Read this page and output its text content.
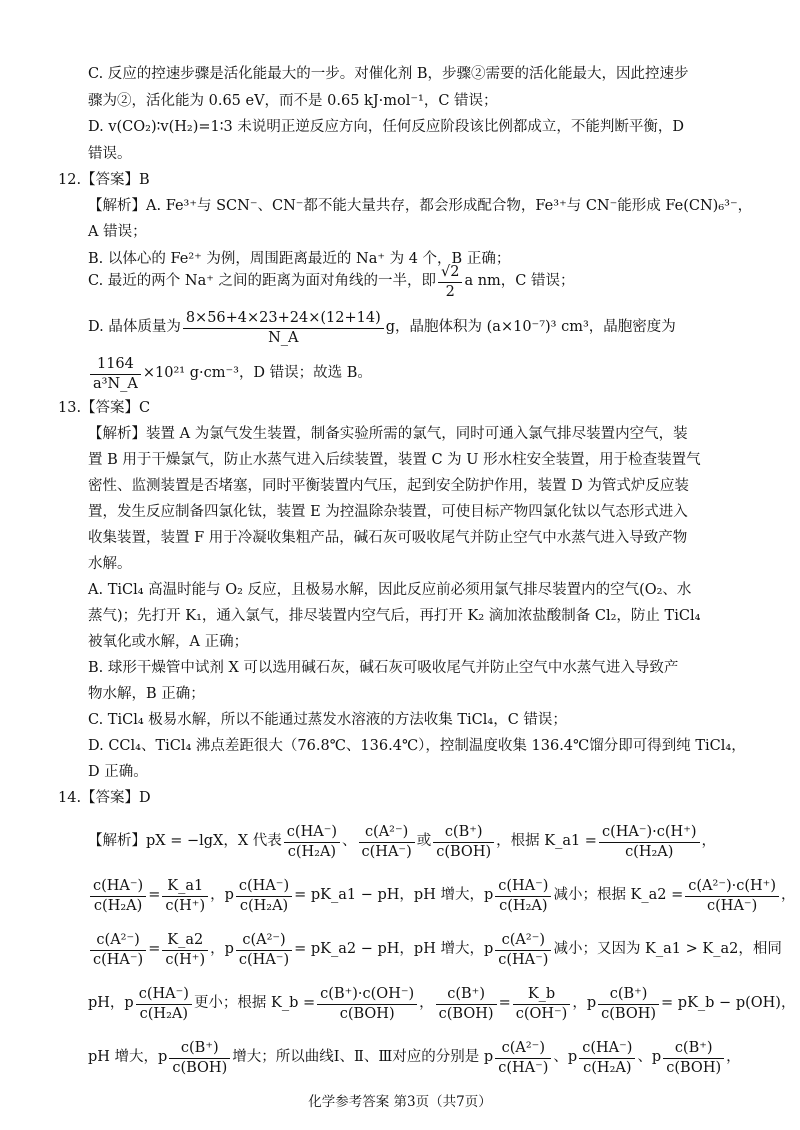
C. 反应的控速步骤是活化能最大的一步。对催化剂 B，步骤②需要的活化能最大，因此控速步
骤为②，活化能为 0.65 eV，而不是 0.65 kJ·mol⁻¹，C 错误；
D. v(CO₂)∶v(H₂)=1∶3 未说明正逆反应方向，任何反应阶段该比例都成立，不能判断平衡，D
错误。
12.【答案】B
【解析】A. Fe³⁺与 SCN⁻、CN⁻都不能大量共存，都会形成配合物，Fe³⁺与 CN⁻能形成 Fe(CN)₆³⁻，
A 错误；
B. 以体心的 Fe²⁺ 为例，周围距离最近的 Na⁺ 为 4 个，B 正确；
C. 最近的两个 Na⁺ 之间的距离为面对角线的一半，即 $\frac{√2}{2}$ a nm，C 错误；
D. 晶体质量为 $\frac{8\times 56+4\times 23+24\times(12+14)}{N\_A}$ g，晶胞体积为 (a×10⁻⁷)³ cm³，晶胞密度为
$\frac{1164}{\text{a³N\_A}} \times 10^{21}$ g·cm⁻³，D 错误；故选 B。
13.【答案】C
【解析】装置 A 为氯气发生装置，制备实验所需的氯气，同时可通入氯气排尽装置内空气，装
置 B 用于干燥氯气，防止水蒸气进入后续装置，装置 C 为 U 形水柱安全装置，用于检查装置气
密性、监测装置是否堵塞，同时平衡装置内气压，起到安全防护作用，装置 D 为管式炉反应装
置，发生反应制备四氯化钛，装置 E 为控温除杂装置，可使目标产物四氯化钛以气态形式进入
收集装置，装置 F 用于冷凝收集粗产品，碱石灰可吸收尾气并防止空气中水蒸气进入导致产物
水解。
A. TiCl₄ 高温时能与 O₂ 反应，且极易水解，因此反应前必须用氯气排尽装置内的空气(O₂、水
蒸气)；先打开 K₁，通入氯气，排尽装置内空气后，再打开 K₂ 滴加浓盐酸制备 Cl₂，防止 TiCl₄
被氧化或水解，A 正确；
B. 球形干燥管中试剂 X 可以选用碱石灰，碱石灰可吸收尾气并防止空气中水蒸气进入导致产
物水解，B 正确；
C. TiCl₄ 极易水解，所以不能通过蒸发水溶液的方法收集 TiCl₄，C 错误；
D. CCl₄、TiCl₄ 沸点差距很大（76.8℃、136.4℃），控制温度收集 136.4℃馏分即可得到纯 TiCl₄，
D 正确。
14.【答案】D
【解析】pX = −lgX，X 代表 $\frac{c(HA^-)}{\text{c(H₂A)}}$ 、 $\frac{\text{c(A²⁻)}}{c(HA^-)}$ 或 $\frac{c(B^+)}{\text{c(BOH)}}$ ，根据 K_a1 = $\frac{c(HA^-)\cdot c(H^+)}{\text{c(H₂A)}}$ ，
$\frac{c(HA^-)}{\text{c(H₂A)}} = \frac{K\_a1}{c(H^+)}$ ，p $\frac{c(HA^-)}{\text{c(H₂A)}}$ = pK_a1 − pH，pH 增大，p $\frac{c(HA^-)}{\text{c(H₂A)}}$ 减小；根据 K_a2 = $\frac{\text{c(A²⁻)·c(H⁺)}}{c(HA^-)}$ ，
$\frac{\text{c(A²⁻)}}{c(HA^-)} = \frac{K\_a2}{c(H^+)}$ ，p $\frac{\text{c(A²⁻)}}{c(HA^-)}$ = pK_a2 − pH，pH 增大，p $\frac{\text{c(A²⁻)}}{c(HA^-)}$ 减小；又因为 K_a1 > K_a2，相同
pH，p $\frac{c(HA^-)}{\text{c(H₂A)}}$ 更小；根据 K_b = $\frac{c(B^+)\cdot c(OH^-)}{\text{c(BOH)}}$ ， $\frac{c(B^+)}{\text{c(BOH)}} = \frac{K\_b}{c(OH^-)}$ ，p $\frac{c(B^+)}{\text{c(BOH)}}$ = pK_b − p(OH)，
pH 增大，p $\frac{c(B^+)}{\text{c(BOH)}}$ 增大；所以曲线Ⅰ、Ⅱ、Ⅲ对应的分别是 p $\frac{\text{c(A²⁻)}}{c(HA^-)}$ 、p $\frac{c(HA^-)}{\text{c(H₂A)}}$ 、p $\frac{c(B^+)}{\text{c(BOH)}}$ ，
化学参考答案 第3页（共7页）
